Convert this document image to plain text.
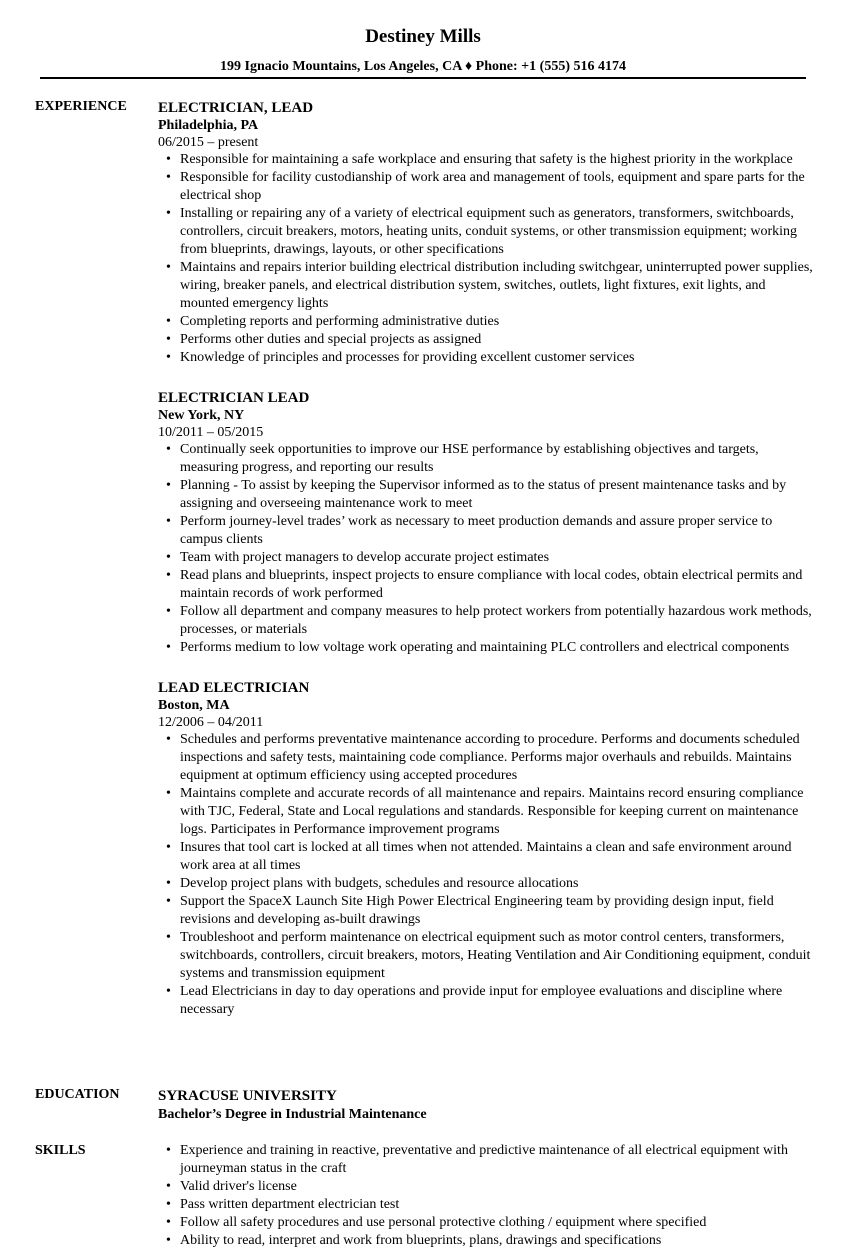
Destiney Mills
199 Ignacio Mountains, Los Angeles, CA ♦ Phone: +1 (555) 516 4174
EXPERIENCE ELECTRICIAN, LEAD
Philadelphia, PA
06/2015 – present
• Responsible for maintaining a safe workplace and ensuring that safety is the highest priority in the workplace
• Responsible for facility custodianship of work area and management of tools, equipment and spare parts for the electrical shop
• Installing or repairing any of a variety of electrical equipment such as generators, transformers, switchboards, controllers, circuit breakers, motors, heating units, conduit systems, or other transmission equipment; working from blueprints, drawings, layouts, or other specifications
• Maintains and repairs interior building electrical distribution including switchgear, uninterrupted power supplies, wiring, breaker panels, and electrical distribution system, switches, outlets, light fixtures, exit lights, and mounted emergency lights
• Completing reports and performing administrative duties
• Performs other duties and special projects as assigned
• Knowledge of principles and processes for providing excellent customer services
ELECTRICIAN LEAD
New York, NY
10/2011 – 05/2015
• Continually seek opportunities to improve our HSE performance by establishing objectives and targets, measuring progress, and reporting our results
• Planning - To assist by keeping the Supervisor informed as to the status of present maintenance tasks and by assigning and overseeing maintenance work to meet
• Perform journey-level trades’ work as necessary to meet production demands and assure proper service to campus clients
• Team with project managers to develop accurate project estimates
• Read plans and blueprints, inspect projects to ensure compliance with local codes, obtain electrical permits and maintain records of work performed
• Follow all department and company measures to help protect workers from potentially hazardous work methods, processes, or materials
• Performs medium to low voltage work operating and maintaining PLC controllers and electrical components
LEAD ELECTRICIAN
Boston, MA
12/2006 – 04/2011
• Schedules and performs preventative maintenance according to procedure. Performs and documents scheduled inspections and safety tests, maintaining code compliance. Performs major overhauls and rebuilds. Maintains equipment at optimum efficiency using accepted procedures
• Maintains complete and accurate records of all maintenance and repairs. Maintains record ensuring compliance with TJC, Federal, State and Local regulations and standards. Responsible for keeping current on maintenance logs. Participates in Performance improvement programs
• Insures that tool cart is locked at all times when not attended. Maintains a clean and safe environment around work area at all times
• Develop project plans with budgets, schedules and resource allocations
• Support the SpaceX Launch Site High Power Electrical Engineering team by providing design input, field revisions and developing as-built drawings
• Troubleshoot and perform maintenance on electrical equipment such as motor control centers, transformers, switchboards, controllers, circuit breakers, motors, Heating Ventilation and Air Conditioning equipment, conduit systems and transmission equipment
• Lead Electricians in day to day operations and provide input for employee evaluations and discipline where necessary
EDUCATION	SYRACUSE UNIVERSITY
Bachelor’s Degree in Industrial Maintenance
SKILLS
•	Experience and training in reactive, preventative and predictive maintenance of all electrical equipment with journeyman status in the craft
• Valid driver's license
• Pass written department electrician test
• Follow all safety procedures and use personal protective clothing / equipment where specified
• Ability to read, interpret and work from blueprints, plans, drawings and specifications
